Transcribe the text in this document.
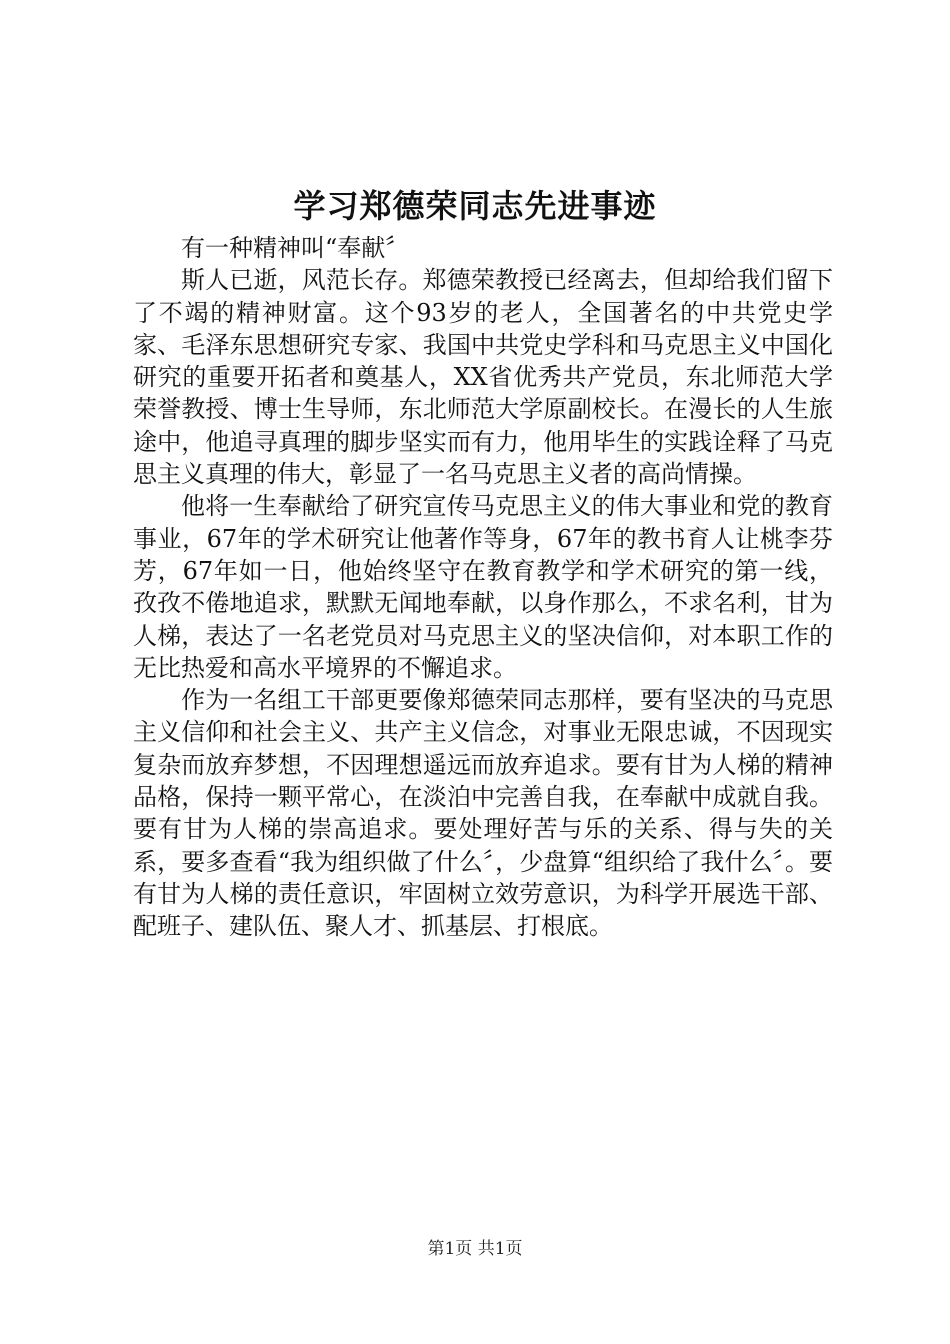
学习郑德荣同志先进事迹

有一种精神叫“奉献〞

斯人已逝，风范长存。郑德荣教授已经离去，但却给我们留下了不竭的精神财富。这个93岁的老人，全国著名的中共党史学家、毛泽东思想研究专家、我国中共党史学科和马克思主义中国化研究的重要开拓者和奠基人，XX省优秀共产党员，东北师范大学荣誉教授、博士生导师，东北师范大学原副校长。在漫长的人生旅途中，他追寻真理的脚步坚实而有力，他用毕生的实践诠释了马克思主义真理的伟大，彰显了一名马克思主义者的高尚情操。

他将一生奉献给了研究宣传马克思主义的伟大事业和党的教育事业，67年的学术研究让他著作等身，67年的教书育人让桃李芬芳，67年如一日，他始终坚守在教育教学和学术研究的第一线，孜孜不倦地追求，默默无闻地奉献，以身作那么，不求名利，甘为人梯，表达了一名老党员对马克思主义的坚决信仰，对本职工作的无比热爱和高水平境界的不懈追求。

作为一名组工干部更要像郑德荣同志那样，要有坚决的马克思主义信仰和社会主义、共产主义信念，对事业无限忠诚，不因现实复杂而放弃梦想，不因理想遥远而放弃追求。要有甘为人梯的精神品格，保持一颗平常心，在淡泊中完善自我，在奉献中成就自我。要有甘为人梯的崇高追求。要处理好苦与乐的关系、得与失的关系，要多查看“我为组织做了什么〞，少盘算“组织给了我什么〞。要有甘为人梯的责任意识，牢固树立效劳意识，为科学开展选干部、配班子、建队伍、聚人才、抓基层、打根底。

第1页 共1页
